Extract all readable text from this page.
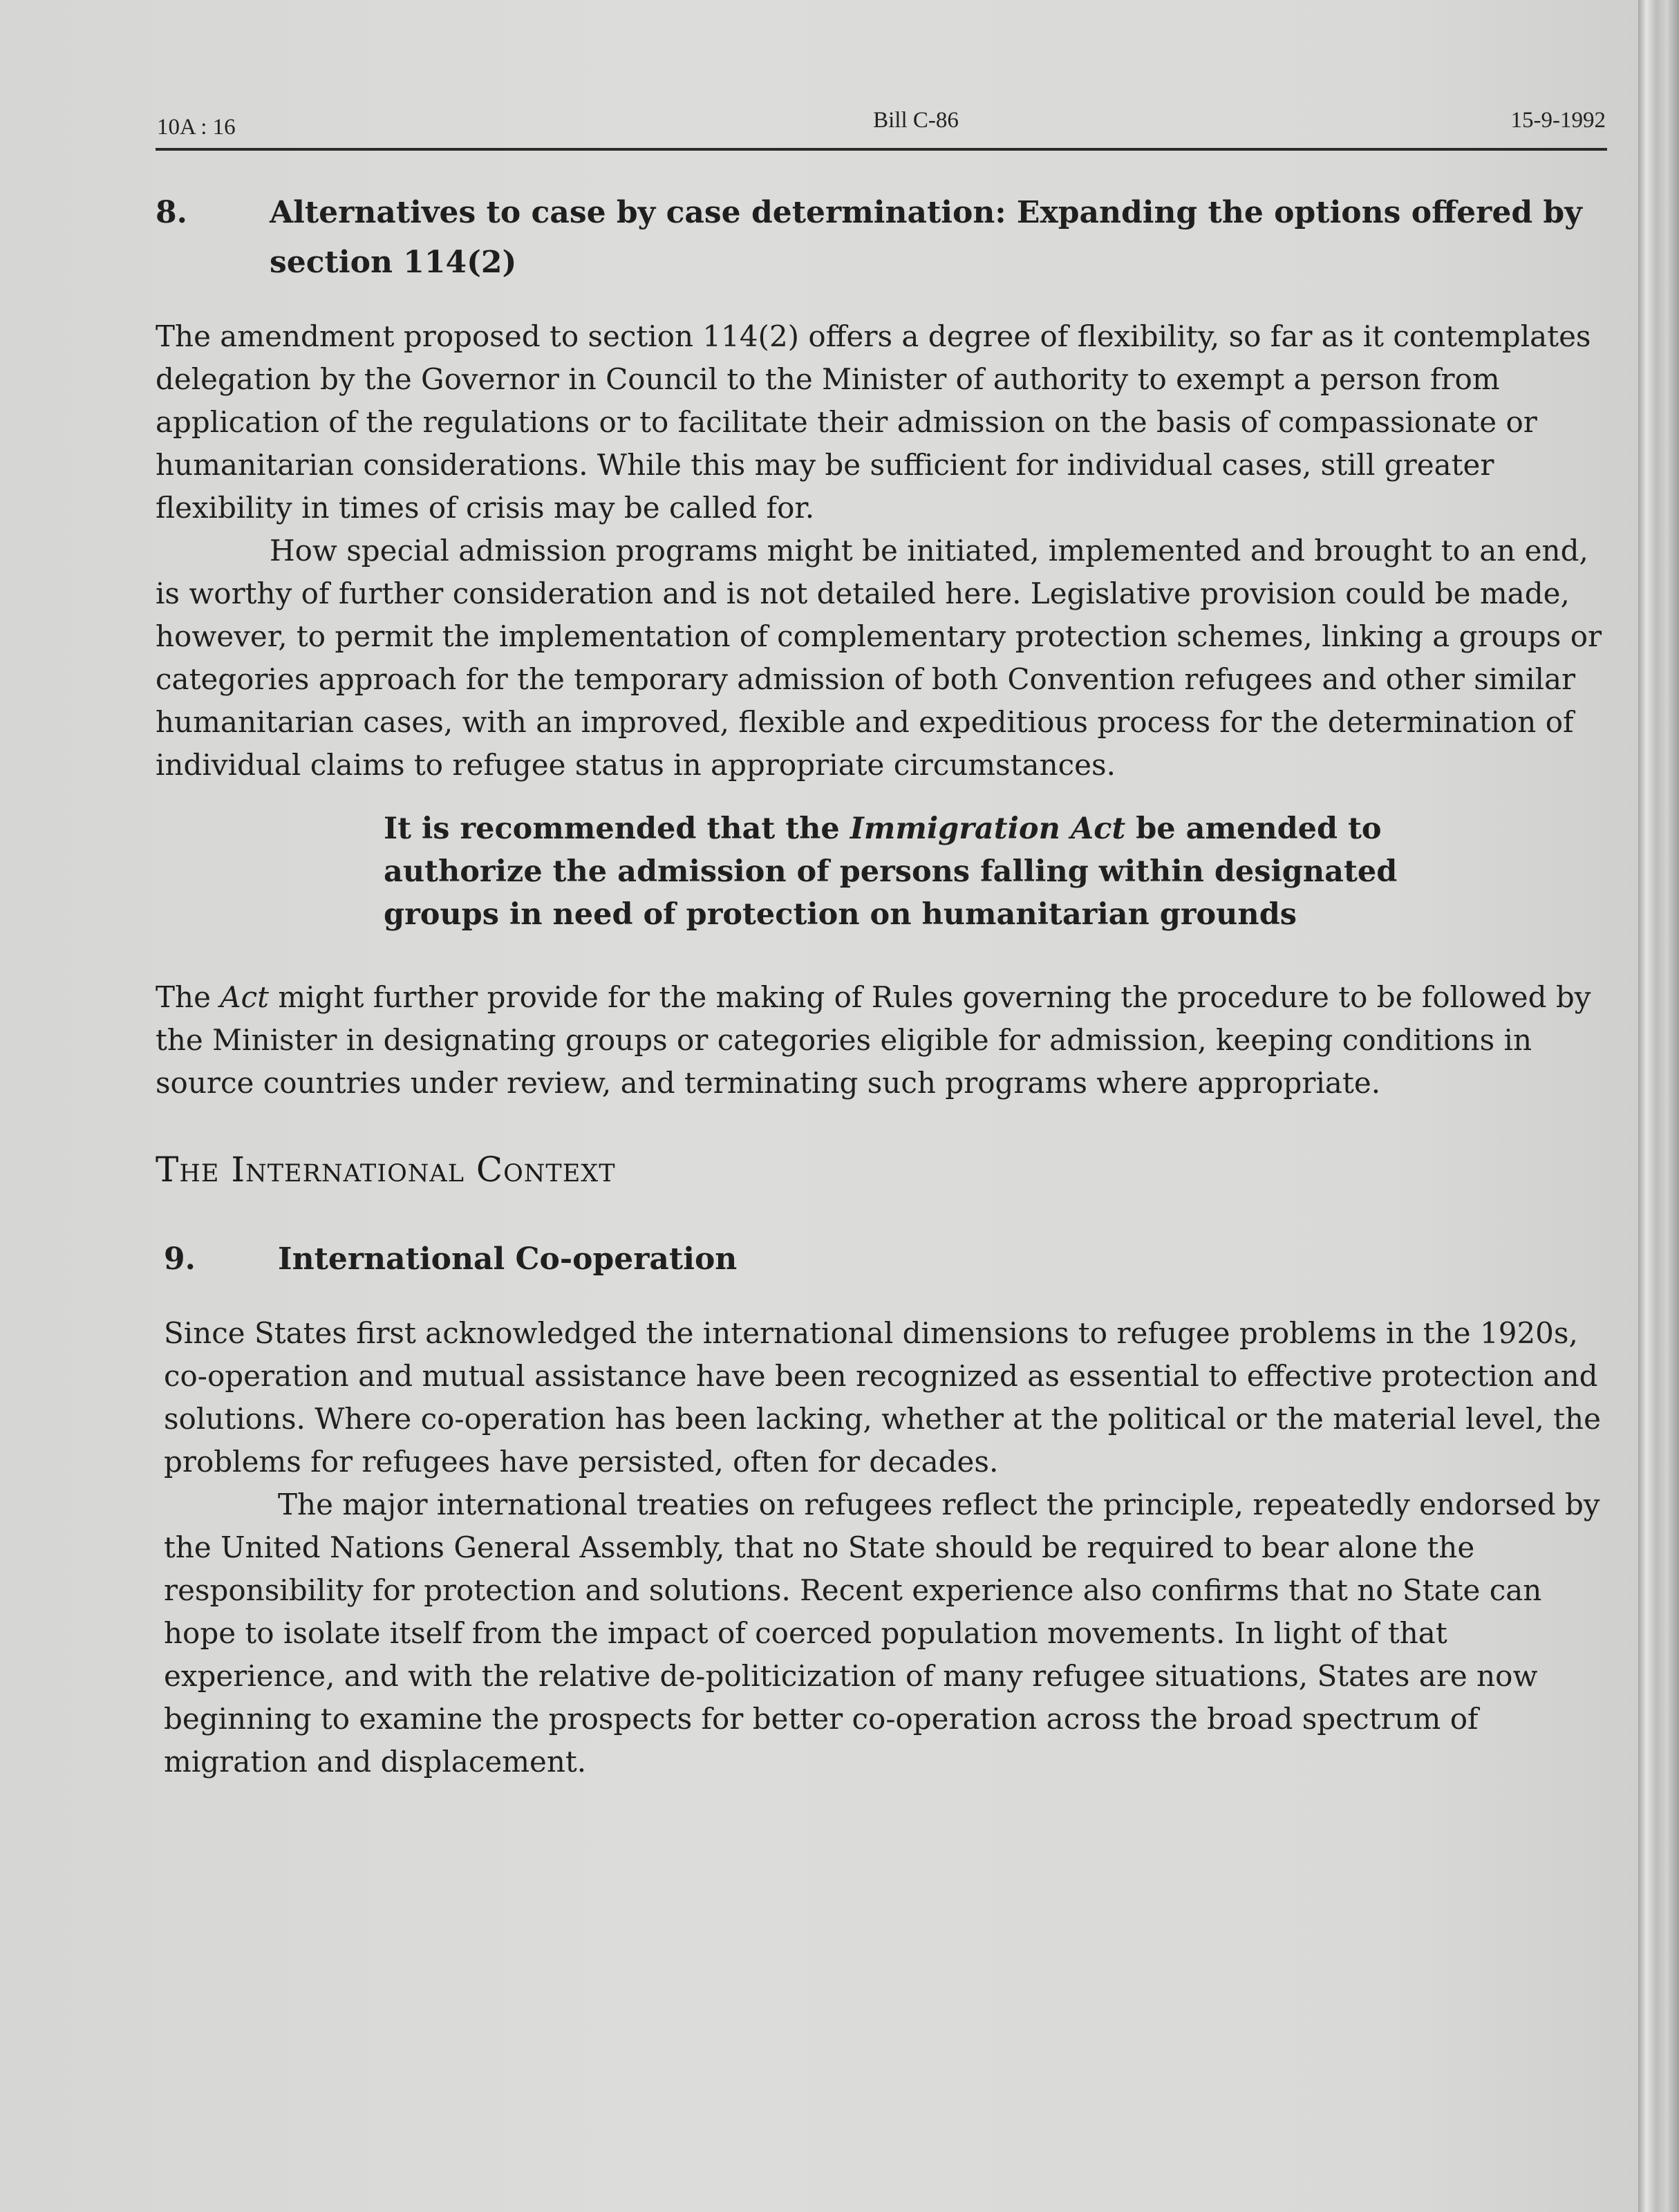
10A : 16	Bill C-86	15-9-1992
8.	Alternatives to case by case determination: Expanding the options offered by section 114(2)

The amendment proposed to section 114(2) offers a degree of flexibility, so far as it contemplates delegation by the Governor in Council to the Minister of authority to exempt a person from application of the regulations or to facilitate their admission on the basis of compassionate or humanitarian considerations. While this may be sufficient for individual cases, still greater flexibility in times of crisis may be called for.

How special admission programs might be initiated, implemented and brought to an end, is worthy of further consideration and is not detailed here. Legislative provision could be made, however, to permit the implementation of complementary protection schemes, linking a groups or categories approach for the temporary admission of both Convention refugees and other similar humanitarian cases, with an improved, flexible and expeditious process for the determination of individual claims to refugee status in appropriate circumstances.

It is recommended that the Immigration Act be amended to authorize the admission of persons falling within designated groups in need of protection on humanitarian grounds

The Act might further provide for the making of Rules governing the procedure to be followed by the Minister in designating groups or categories eligible for admission, keeping conditions in source countries under review, and terminating such programs where appropriate.

The International Context
9.	International Co-operation

Since States first acknowledged the international dimensions to refugee problems in the 1920s, co-operation and mutual assistance have been recognized as essential to effective protection and solutions. Where co-operation has been lacking, whether at the political or the material level, the problems for refugees have persisted, often for decades.

The major international treaties on refugees reflect the principle, repeatedly endorsed by the United Nations General Assembly, that no State should be required to bear alone the responsibility for protection and solutions. Recent experience also confirms that no State can hope to isolate itself from the impact of coerced population movements. In light of that experience, and with the relative de-politicization of many refugee situations, States are now beginning to examine the prospects for better co-operation across the broad spectrum of migration and displacement.
